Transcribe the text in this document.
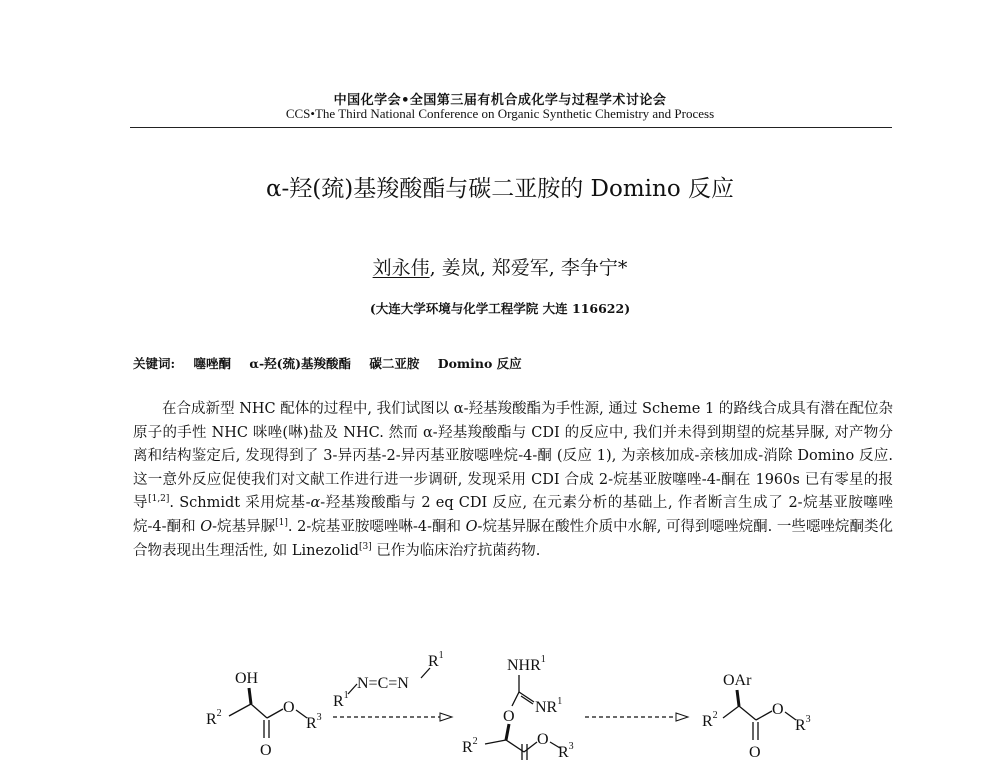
中国化学会•全国第三届有机合成化学与过程学术讨论会
CCS•The Third National Conference on Organic Synthetic Chemistry and Process
α-羟(巯)基羧酸酯与碳二亚胺的 Domino 反应
刘永伟, 姜岚, 郑爱军, 李争宁*
(大连大学环境与化学工程学院 大连 116622)
关键词: 噻唑酮 α-羟(巯)基羧酸酯 碳二亚胺 Domino 反应

在合成新型 NHC 配体的过程中, 我们试图以 α-羟基羧酸酯为手性源, 通过 Scheme 1 的路线合成具有潜在配位杂原子的手性 NHC 咪唑(啉)盐及 NHC. 然而 α-羟基羧酸酯与 CDI 的反应中, 我们并未得到期望的烷基异脲, 对产物分离和结构鉴定后, 发现得到了 3-异丙基-2-异丙基亚胺噁唑烷-4-酮 (反应 1), 为亲核加成-亲核加成-消除 Domino 反应. 这一意外反应促使我们对文献工作进行进一步调研, 发现采用 CDI 合成 2-烷基亚胺噻唑-4-酮在 1960s 已有零星的报导[1,2]. Schmidt 采用烷基-α-羟基羧酸酯与 2 eq CDI 反应, 在元素分析的基础上, 作者断言生成了 2-烷基亚胺噻唑烷-4-酮和 O-烷基异脲[1]. 2-烷基亚胺噁唑啉-4-酮和 O-烷基异脲在酸性介质中水解, 可得到噁唑烷酮. 一些噁唑烷酮类化合物表现出生理活性, 如 Linezolid[3] 已作为临床治疗抗菌药物.

OH
$R^2$	O
$R^3$
O
$R^1$
N=C=N
$R^1$
NHR$^1$
$NR^1$
O
$R^2$	O
$R^3$
OAr
$R^2$	O
$R^3$
O
